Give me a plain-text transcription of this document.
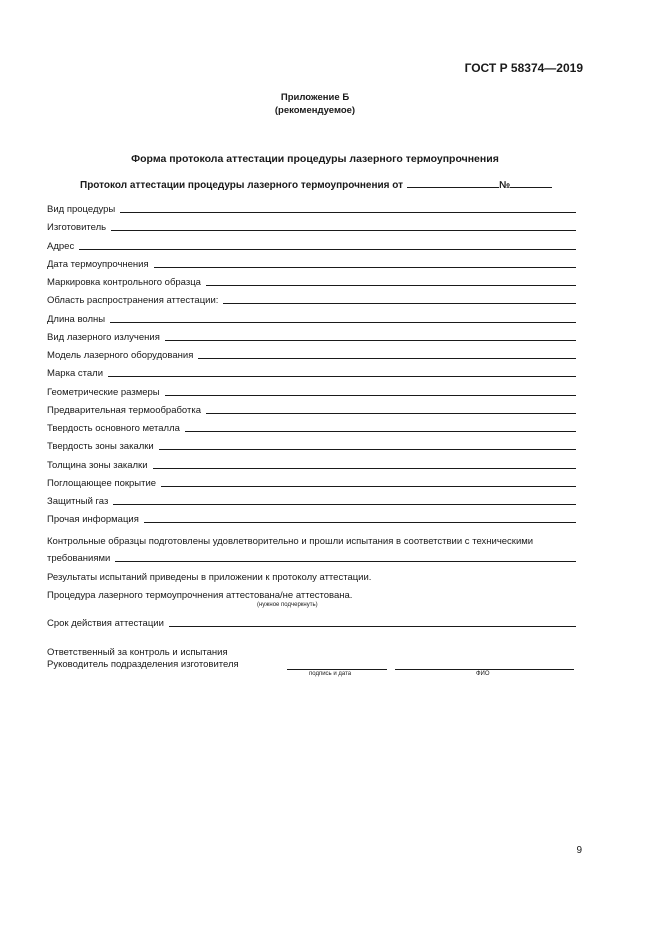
ГОСТ Р 58374—2019
Приложение Б
(рекомендуемое)
Форма протокола аттестации процедуры лазерного термоупрочнения
Протокол аттестации процедуры лазерного термоупрочнения от	№
Вид процедуры
Изготовитель
Адрес
Дата термоупрочнения
Маркировка контрольного образца
Область распространения аттестации:
Длина волны
Вид лазерного излучения
Модель лазерного оборудования
Марка стали
Геометрические размеры
Предварительная термообработка
Твердость основного металла
Твердость зоны закалки
Толщина зоны закалки
Поглощающее покрытие
Защитный газ
Прочая информация
Контрольные образцы подготовлены удовлетворительно и прошли испытания в соответствии с техническими
требованиями
Результаты испытаний приведены в приложении к протоколу аттестации.
Процедура лазерного термоупрочнения аттестована/не аттестована.
(нужное подчеркнуть)
Срок действия аттестации
Ответственный за контроль и испытания
Руководитель подразделения изготовителя
подпись и дата	ФИО
9
